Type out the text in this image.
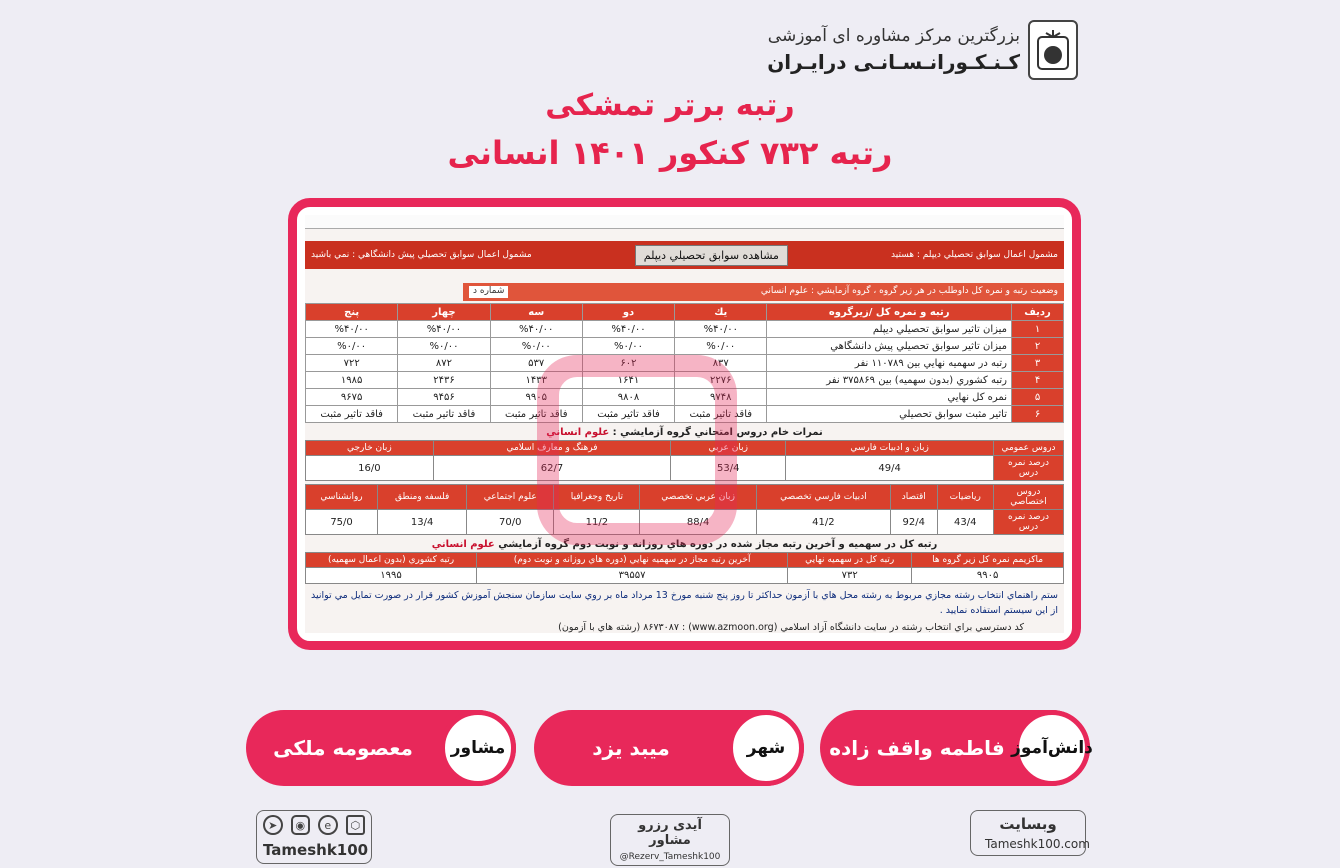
بزرگترین مرکز مشاوره ای آموزشی
کـنـکـورانـسـانـی درایـران
رتبه برتر تمشکی
رتبه ۷۳۲ کنکور ۱۴۰۱ انسانی
مشمول اعمال سوابق تحصيلي ديپلم : هستيد
مشاهده سوابق تحصيلي ديپلم
مشمول اعمال سوابق تحصيلي پيش دانشگاهي : نمي باشيد
وضعيت رتبه و نمره كل داوطلب در هر زير گروه ، گروه آزمايشي : علوم انساني
شماره د
رديف	رتبه و نمره كل /زيرگروه	يك	دو	سه	چهار	پنج
۱	ميزان تاثير سوابق تحصيلي ديپلم	%۴۰/۰۰	%۴۰/۰۰	%۴۰/۰۰	%۴۰/۰۰	%۴۰/۰۰
۲	ميزان تاثير سوابق تحصيلي پيش دانشگاهي	%۰/۰۰	%۰/۰۰	%۰/۰۰	%۰/۰۰	%۰/۰۰
۳	رتبه در سهميه نهايي بين ۱۱۰۷۸۹ نفر	۸۳۷	۶۰۲	۵۳۷	۸۷۲	۷۲۲
۴	رتبه كشوري (بدون سهميه) بين ۳۷۵۸۶۹ نفر	۲۲۷۶	۱۶۴۱	۱۴۳۳	۲۴۳۶	۱۹۸۵
۵	نمره كل نهايي	۹۷۴۸	۹۸۰۸	۹۹۰۵	۹۴۵۶	۹۶۷۵
۶	تاثير مثبت سوابق تحصيلي	فاقد تاثير مثبت	فاقد تاثير مثبت	فاقد تاثير مثبت	فاقد تاثير مثبت	فاقد تاثير مثبت
نمرات خام دروس امتحاني گروه آزمايشي : علوم انساني
دروس عمومي	زبان و ادبيات فارسي	زبان عربي	فرهنگ و معارف اسلامي	زبان خارجي
درصد نمره درس	49/4	53/4	62/7	16/0
دروس اختصاصي	رياضيات	اقتصاد	ادبيات فارسي تخصصي	زبان عربي تخصصي	تاريخ وجغرافيا	علوم اجتماعي	فلسفه ومنطق	روانشناسي
درصد نمره درس	43/4	92/4	41/2	88/4	11/2	70/0	13/4	75/0
رتبه كل در سهميه و آخرين رتبه مجاز شده در دوره هاي روزانه و نوبت دوم گروه آزمايشي علوم انساني
ماكزيمم نمره كل زير گروه ها	رتبه كل در سهميه نهايي	آخرين رتبه مجاز در سهميه نهايي (دوره هاي روزانه و نوبت دوم)	رتبه كشوري (بدون اعمال سهميه)
۹۹۰۵	۷۳۲	۳۹۵۵۷	۱۹۹۵
ستم راهنماي انتخاب رشته مجازي مربوط به رشته محل هاي با آزمون حداكثر تا روز پنج شنبه مورخ 13 مرداد ماه بر روي سايت سازمان سنجش آموزش كشور قرار در صورت تمايل مي توانيد از اين سيستم استفاده نماييد .
كد دسترسي براي انتخاب رشته در سايت دانشگاه آزاد اسلامي (www.azmoon.org) : ۸۶۷۳۰۸۷ (رشته هاي با آزمون)
دانش‌آموز
فاطمه واقف زاده
شهر
میبد یزد
مشاور
معصومه ملکی
وبسایت
Tameshk100.com
آیدی رزرو مشاور
@Rezerv_Tameshk100
➤	◉	e	⬡
Tameshk100
